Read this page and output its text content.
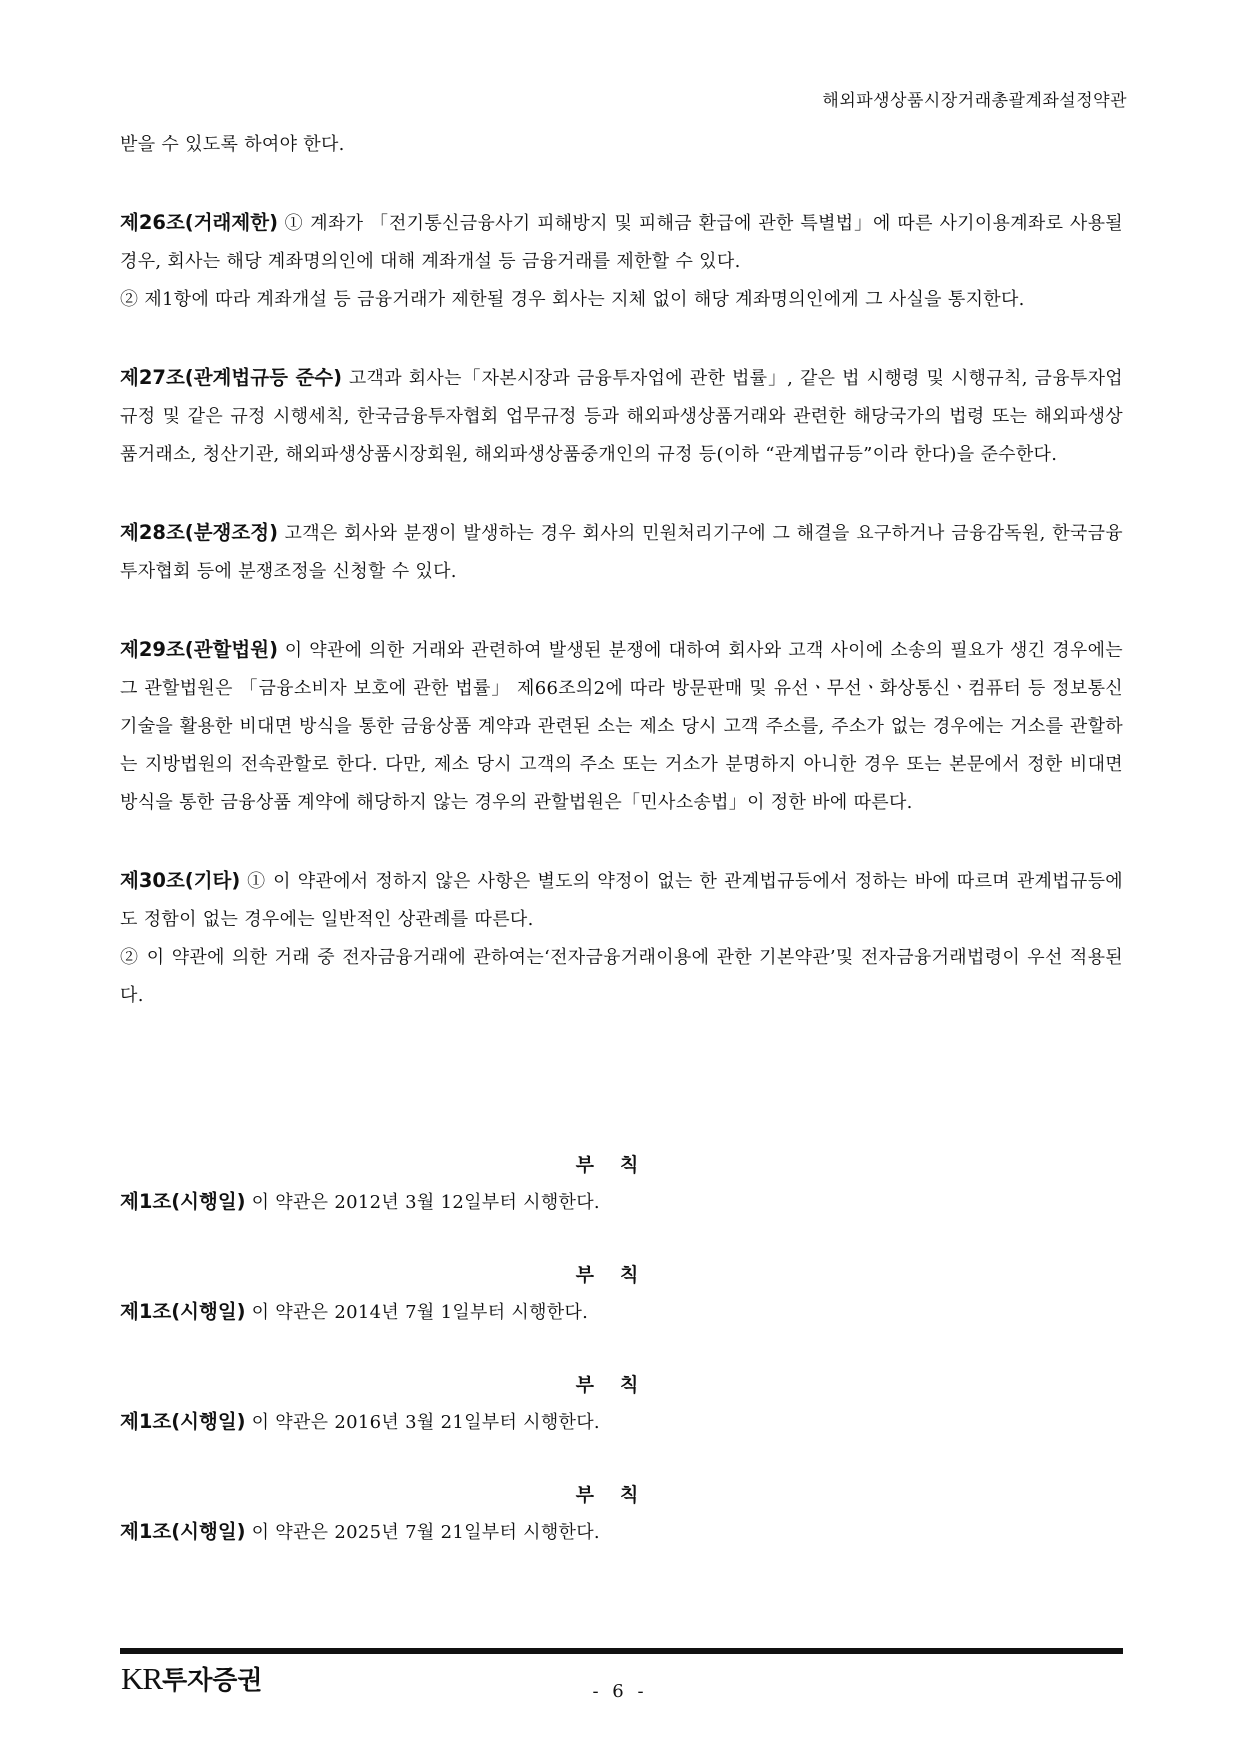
해외파생상품시장거래총괄계좌설정약관

받을 수 있도록 하여야 한다.

제26조(거래제한) ① 계좌가 「전기통신금융사기 피해방지 및 피해금 환급에 관한 특별법」에 따른 사기이용계좌로 사용될 경우, 회사는 해당 계좌명의인에 대해 계좌개설 등 금융거래를 제한할 수 있다.

② 제1항에 따라 계좌개설 등 금융거래가 제한될 경우 회사는 지체 없이 해당 계좌명의인에게 그 사실을 통지한다.

제27조(관계법규등 준수) 고객과 회사는「자본시장과 금융투자업에 관한 법률」, 같은 법 시행령 및 시행규칙, 금융투자업규정 및 같은 규정 시행세칙, 한국금융투자협회 업무규정 등과 해외파생상품거래와 관련한 해당국가의 법령 또는 해외파생상품거래소, 청산기관, 해외파생상품시장회원, 해외파생상품중개인의 규정 등(이하 “관계법규등”이라 한다)을 준수한다.

제28조(분쟁조정) 고객은 회사와 분쟁이 발생하는 경우 회사의 민원처리기구에 그 해결을 요구하거나 금융감독원, 한국금융투자협회 등에 분쟁조정을 신청할 수 있다.

제29조(관할법원) 이 약관에 의한 거래와 관련하여 발생된 분쟁에 대하여 회사와 고객 사이에 소송의 필요가 생긴 경우에는 그 관할법원은 「금융소비자 보호에 관한 법률」 제66조의2에 따라 방문판매 및 유선ㆍ무선ㆍ화상통신ㆍ컴퓨터 등 정보통신기술을 활용한 비대면 방식을 통한 금융상품 계약과 관련된 소는 제소 당시 고객 주소를, 주소가 없는 경우에는 거소를 관할하는 지방법원의 전속관할로 한다. 다만, 제소 당시 고객의 주소 또는 거소가 분명하지 아니한 경우 또는 본문에서 정한 비대면 방식을 통한 금융상품 계약에 해당하지 않는 경우의 관할법원은「민사소송법」이 정한 바에 따른다.

제30조(기타) ① 이 약관에서 정하지 않은 사항은 별도의 약정이 없는 한 관계법규등에서 정하는 바에 따르며 관계법규등에도 정함이 없는 경우에는 일반적인 상관례를 따른다.

② 이 약관에 의한 거래 중 전자금융거래에 관하여는‘전자금융거래이용에 관한 기본약관’및 전자금융거래법령이 우선 적용된다.

부칙
제1조(시행일) 이 약관은 2012년 3월 12일부터 시행한다.
부칙
제1조(시행일) 이 약관은 2014년 7월 1일부터 시행한다.
부칙
제1조(시행일) 이 약관은 2016년 3월 21일부터 시행한다.
부칙
제1조(시행일) 이 약관은 2025년 7월 21일부터 시행한다.
KR투자증권	- 6 -
